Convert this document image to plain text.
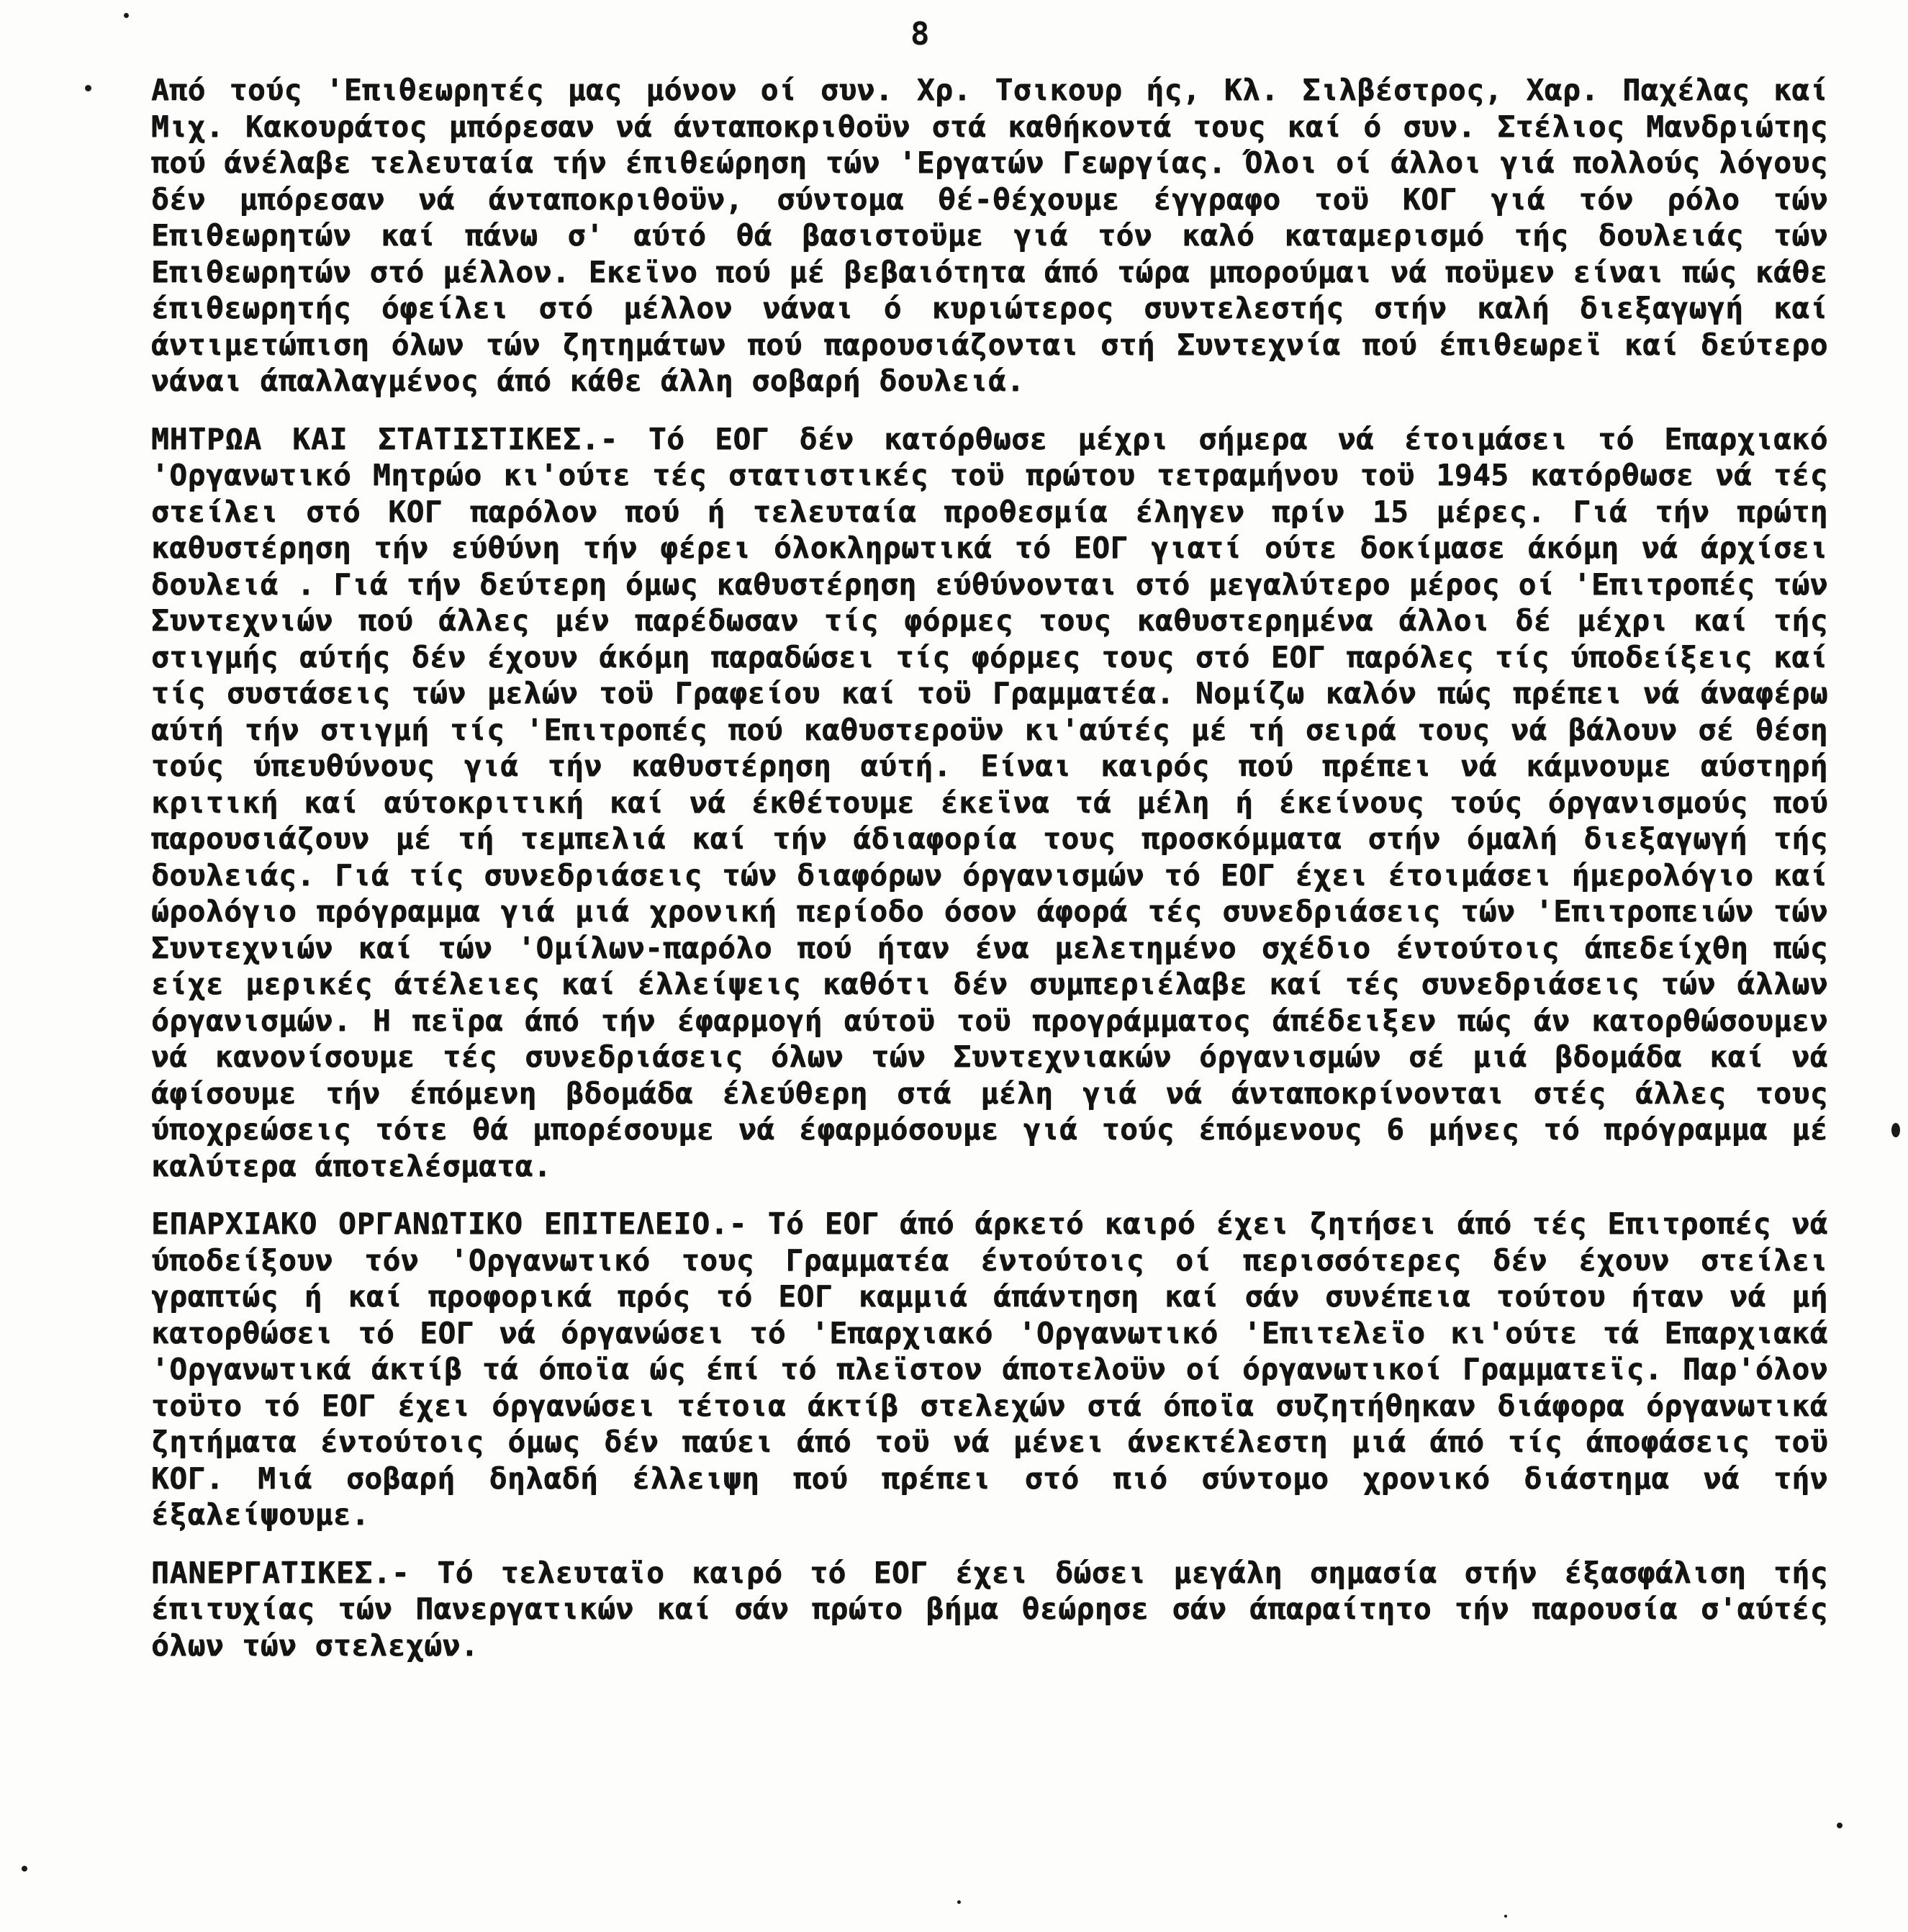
8

Από τούς 'Επιθεωρητές μας μόνον οί συν. Χρ. Τσικουρ ής, Κλ. Σιλβέστρος, Χαρ. Παχέλας καί Μιχ. Κακουράτος μπόρεσαν νά άνταποκριθοϋν στά καθήκοντά τους καί ό συν. Στέλιος Μανδριώτης πού άνέλαβε τελευταία τήν έπιθεώρηση τών 'Εργατών Γεωργίας. Όλοι οί άλλοι γιά πολλούς λόγους δέν μπόρεσαν νά άνταποκριθοϋν, σύντομα θέ-θέχουμε έγγραφο τοϋ ΚΟΓ γιά τόν ρόλο τών Επιθεωρητών καί πάνω σ' αύτό θά βασιστοϋμε γιά τόν καλό καταμερισμό τής δουλειάς τών Επιθεωρητών στό μέλλον. Εκεϊνο πού μέ βεβαιότητα άπό τώρα μπορούμαι νά ποϋμεν είναι πώς κάθε έπιθεωρητής όφείλει στό μέλλον νάναι ό κυριώτερος συντελεστής στήν καλή διεξαγωγή καί άντιμετώπιση όλων τών ζητημάτων πού παρουσιάζονται στή Συντεχνία πού έπιθεωρεϊ καί δεύτερο νάναι άπαλλαγμένος άπό κάθε άλλη σοβαρή δουλειά.

ΜΗΤΡΩΑ ΚΑΙ ΣΤΑΤΙΣΤΙΚΕΣ.- Τό ΕΟΓ δέν κατόρθωσε μέχρι σήμερα νά έτοιμάσει τό Επαρχιακό 'Οργανωτικό Μητρώο κι'ούτε τές στατιστικές τοϋ πρώτου τετραμήνου τοϋ 1945 κατόρθωσε νά τές στείλει στό ΚΟΓ παρόλον πού ή τελευταία προθεσμία έληγεν πρίν 15 μέρες. Γιά τήν πρώτη καθυστέρηση τήν εύθύνη τήν φέρει όλοκληρωτικά τό ΕΟΓ γιατί ούτε δοκίμασε άκόμη νά άρχίσει δουλειά . Γιά τήν δεύτερη όμως καθυστέρηση εύθύνονται στό μεγαλύτερο μέρος οί 'Επιτροπές τών Συντεχνιών πού άλλες μέν παρέδωσαν τίς φόρμες τους καθυστερημένα άλλοι δέ μέχρι καί τής στιγμής αύτής δέν έχουν άκόμη παραδώσει τίς φόρμες τους στό ΕΟΓ παρόλες τίς ύποδείξεις καί τίς συστάσεις τών μελών τοϋ Γραφείου καί τοϋ Γραμματέα. Νομίζω καλόν πώς πρέπει νά άναφέρω αύτή τήν στιγμή τίς 'Επιτροπές πού καθυστεροϋν κι'αύτές μέ τή σειρά τους νά βάλουν σέ θέση τούς ύπευθύνους γιά τήν καθυστέρηση αύτή. Είναι καιρός πού πρέπει νά κάμνουμε αύστηρή κριτική καί αύτοκριτική καί νά έκθέτουμε έκεϊνα τά μέλη ή έκείνους τούς όργανισμούς πού παρουσιάζουν μέ τή τεμπελιά καί τήν άδιαφορία τους προσκόμματα στήν όμαλή διεξαγωγή τής δουλειάς. Γιά τίς συνεδριάσεις τών διαφόρων όργανισμών τό ΕΟΓ έχει έτοιμάσει ήμερολόγιο καί ώρολόγιο πρόγραμμα γιά μιά χρονική περίοδο όσον άφορά τές συνεδριάσεις τών 'Επιτροπειών τών Συντεχνιών καί τών 'Ομίλων-παρόλο πού ήταν ένα μελετημένο σχέδιο έντούτοις άπεδείχθη πώς είχε μερικές άτέλειες καί έλλείψεις καθότι δέν συμπεριέλαβε καί τές συνεδριάσεις τών άλλων όργανισμών. Η πεϊρα άπό τήν έφαρμογή αύτοϋ τοϋ προγράμματος άπέδειξεν πώς άν κατορθώσουμεν νά κανονίσουμε τές συνεδριάσεις όλων τών Συντεχνιακών όργανισμών σέ μιά βδομάδα καί νά άφίσουμε τήν έπόμενη βδομάδα έλεύθερη στά μέλη γιά νά άνταποκρίνονται στές άλλες τους ύποχρεώσεις τότε θά μπορέσουμε νά έφαρμόσουμε γιά τούς έπόμενους 6 μήνες τό πρόγραμμα μέ καλύτερα άποτελέσματα.

ΕΠΑΡΧΙΑΚΟ ΟΡΓΑΝΩΤΙΚΟ ΕΠΙΤΕΛΕΙΟ.- Τό ΕΟΓ άπό άρκετό καιρό έχει ζητήσει άπό τές Επιτροπές νά ύποδείξουν τόν 'Οργανωτικό τους Γραμματέα έντούτοις οί περισσότερες δέν έχουν στείλει γραπτώς ή καί προφορικά πρός τό ΕΟΓ καμμιά άπάντηση καί σάν συνέπεια τούτου ήταν νά μή κατορθώσει τό ΕΟΓ νά όργανώσει τό 'Επαρχιακό 'Οργανωτικό 'Επιτελεϊο κι'ούτε τά Επαρχιακά 'Οργανωτικά άκτίβ τά όποϊα ώς έπί τό πλεϊστον άποτελοϋν οί όργανωτικοί Γραμματεϊς. Παρ'όλον τοϋτο τό ΕΟΓ έχει όργανώσει τέτοια άκτίβ στελεχών στά όποϊα συζητήθηκαν διάφορα όργανωτικά ζητήματα έντούτοις όμως δέν παύει άπό τοϋ νά μένει άνεκτέλεστη μιά άπό τίς άποφάσεις τοϋ ΚΟΓ. Μιά σοβαρή δηλαδή έλλειψη πού πρέπει στό πιό σύντομο χρονικό διάστημα νά τήν έξαλείψουμε.

ΠΑΝΕΡΓΑΤΙΚΕΣ.- Τό τελευταϊο καιρό τό ΕΟΓ έχει δώσει μεγάλη σημασία στήν έξασφάλιση τής έπιτυχίας τών Πανεργατικών καί σάν πρώτο βήμα θεώρησε σάν άπαραίτητο τήν παρουσία σ'αύτές όλων τών στελεχών.
